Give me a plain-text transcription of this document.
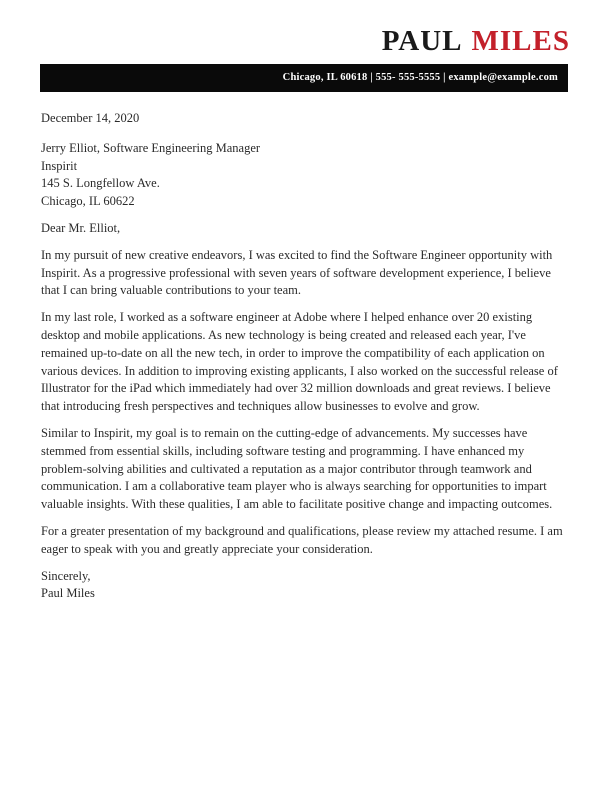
PAUL MILES
Chicago, IL 60618 | 555- 555-5555 | example@example.com

December 14, 2020

Jerry Elliot, Software Engineering Manager

Inspirit

145 S. Longfellow Ave.

Chicago, IL 60622

Dear Mr. Elliot,

In my pursuit of new creative endeavors, I was excited to find the Software Engineer opportunity with Inspirit. As a progressive professional with seven years of software development experience, I believe that I can bring valuable contributions to your team.

In my last role, I worked as a software engineer at Adobe where I helped enhance over 20 existing desktop and mobile applications. As new technology is being created and released each year, I've remained up-to-date on all the new tech, in order to improve the compatibility of each application on various devices. In addition to improving existing applicants, I also worked on the successful release of Illustrator for the iPad which immediately had over 32 million downloads and great reviews. I believe that introducing fresh perspectives and techniques allow businesses to evolve and grow.

Similar to Inspirit, my goal is to remain on the cutting-edge of advancements. My successes have stemmed from essential skills, including software testing and programming. I have enhanced my problem-solving abilities and cultivated a reputation as a major contributor through teamwork and communication. I am a collaborative team player who is always searching for opportunities to impart valuable insights. With these qualities, I am able to facilitate positive change and impacting outcomes.

For a greater presentation of my background and qualifications, please review my attached resume. I am eager to speak with you and greatly appreciate your consideration.

Sincerely,

Paul Miles
